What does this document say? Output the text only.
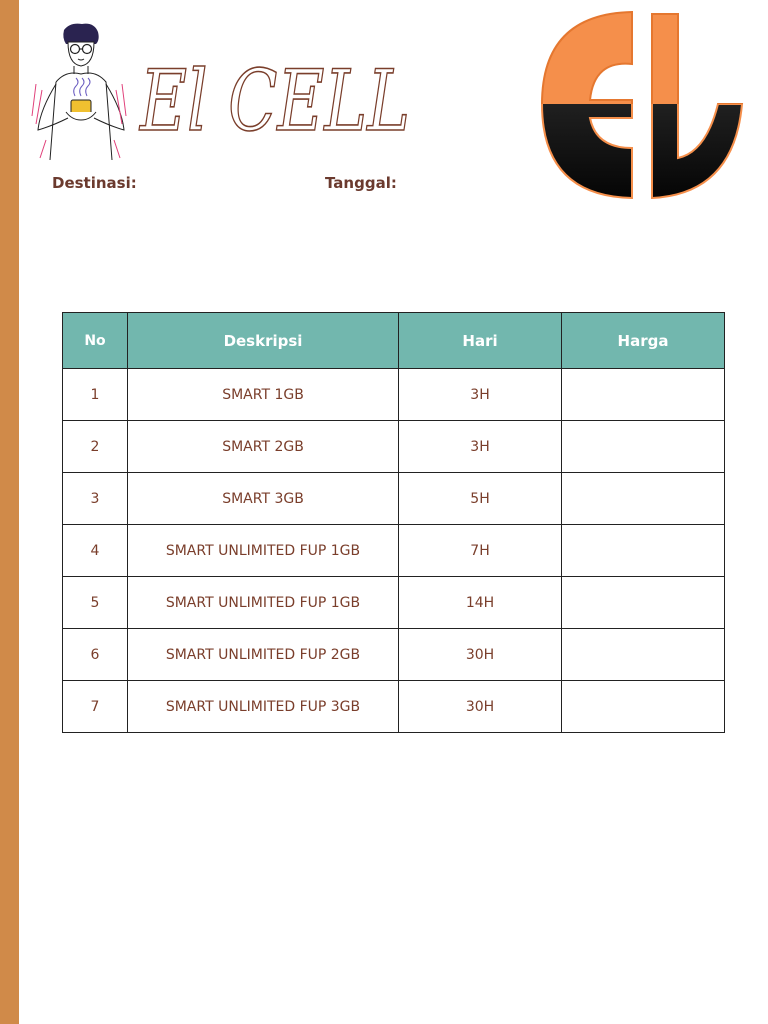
El CELL
Destinasi:	Tanggal:
No	Deskripsi	Hari	Harga
1	SMART 1GB	3H	
2	SMART 2GB	3H	
3	SMART 3GB	5H	
4	SMART UNLIMITED FUP 1GB	7H	
5	SMART UNLIMITED FUP 1GB	14H	
6	SMART UNLIMITED FUP 2GB	30H	
7	SMART UNLIMITED FUP 3GB	30H	
